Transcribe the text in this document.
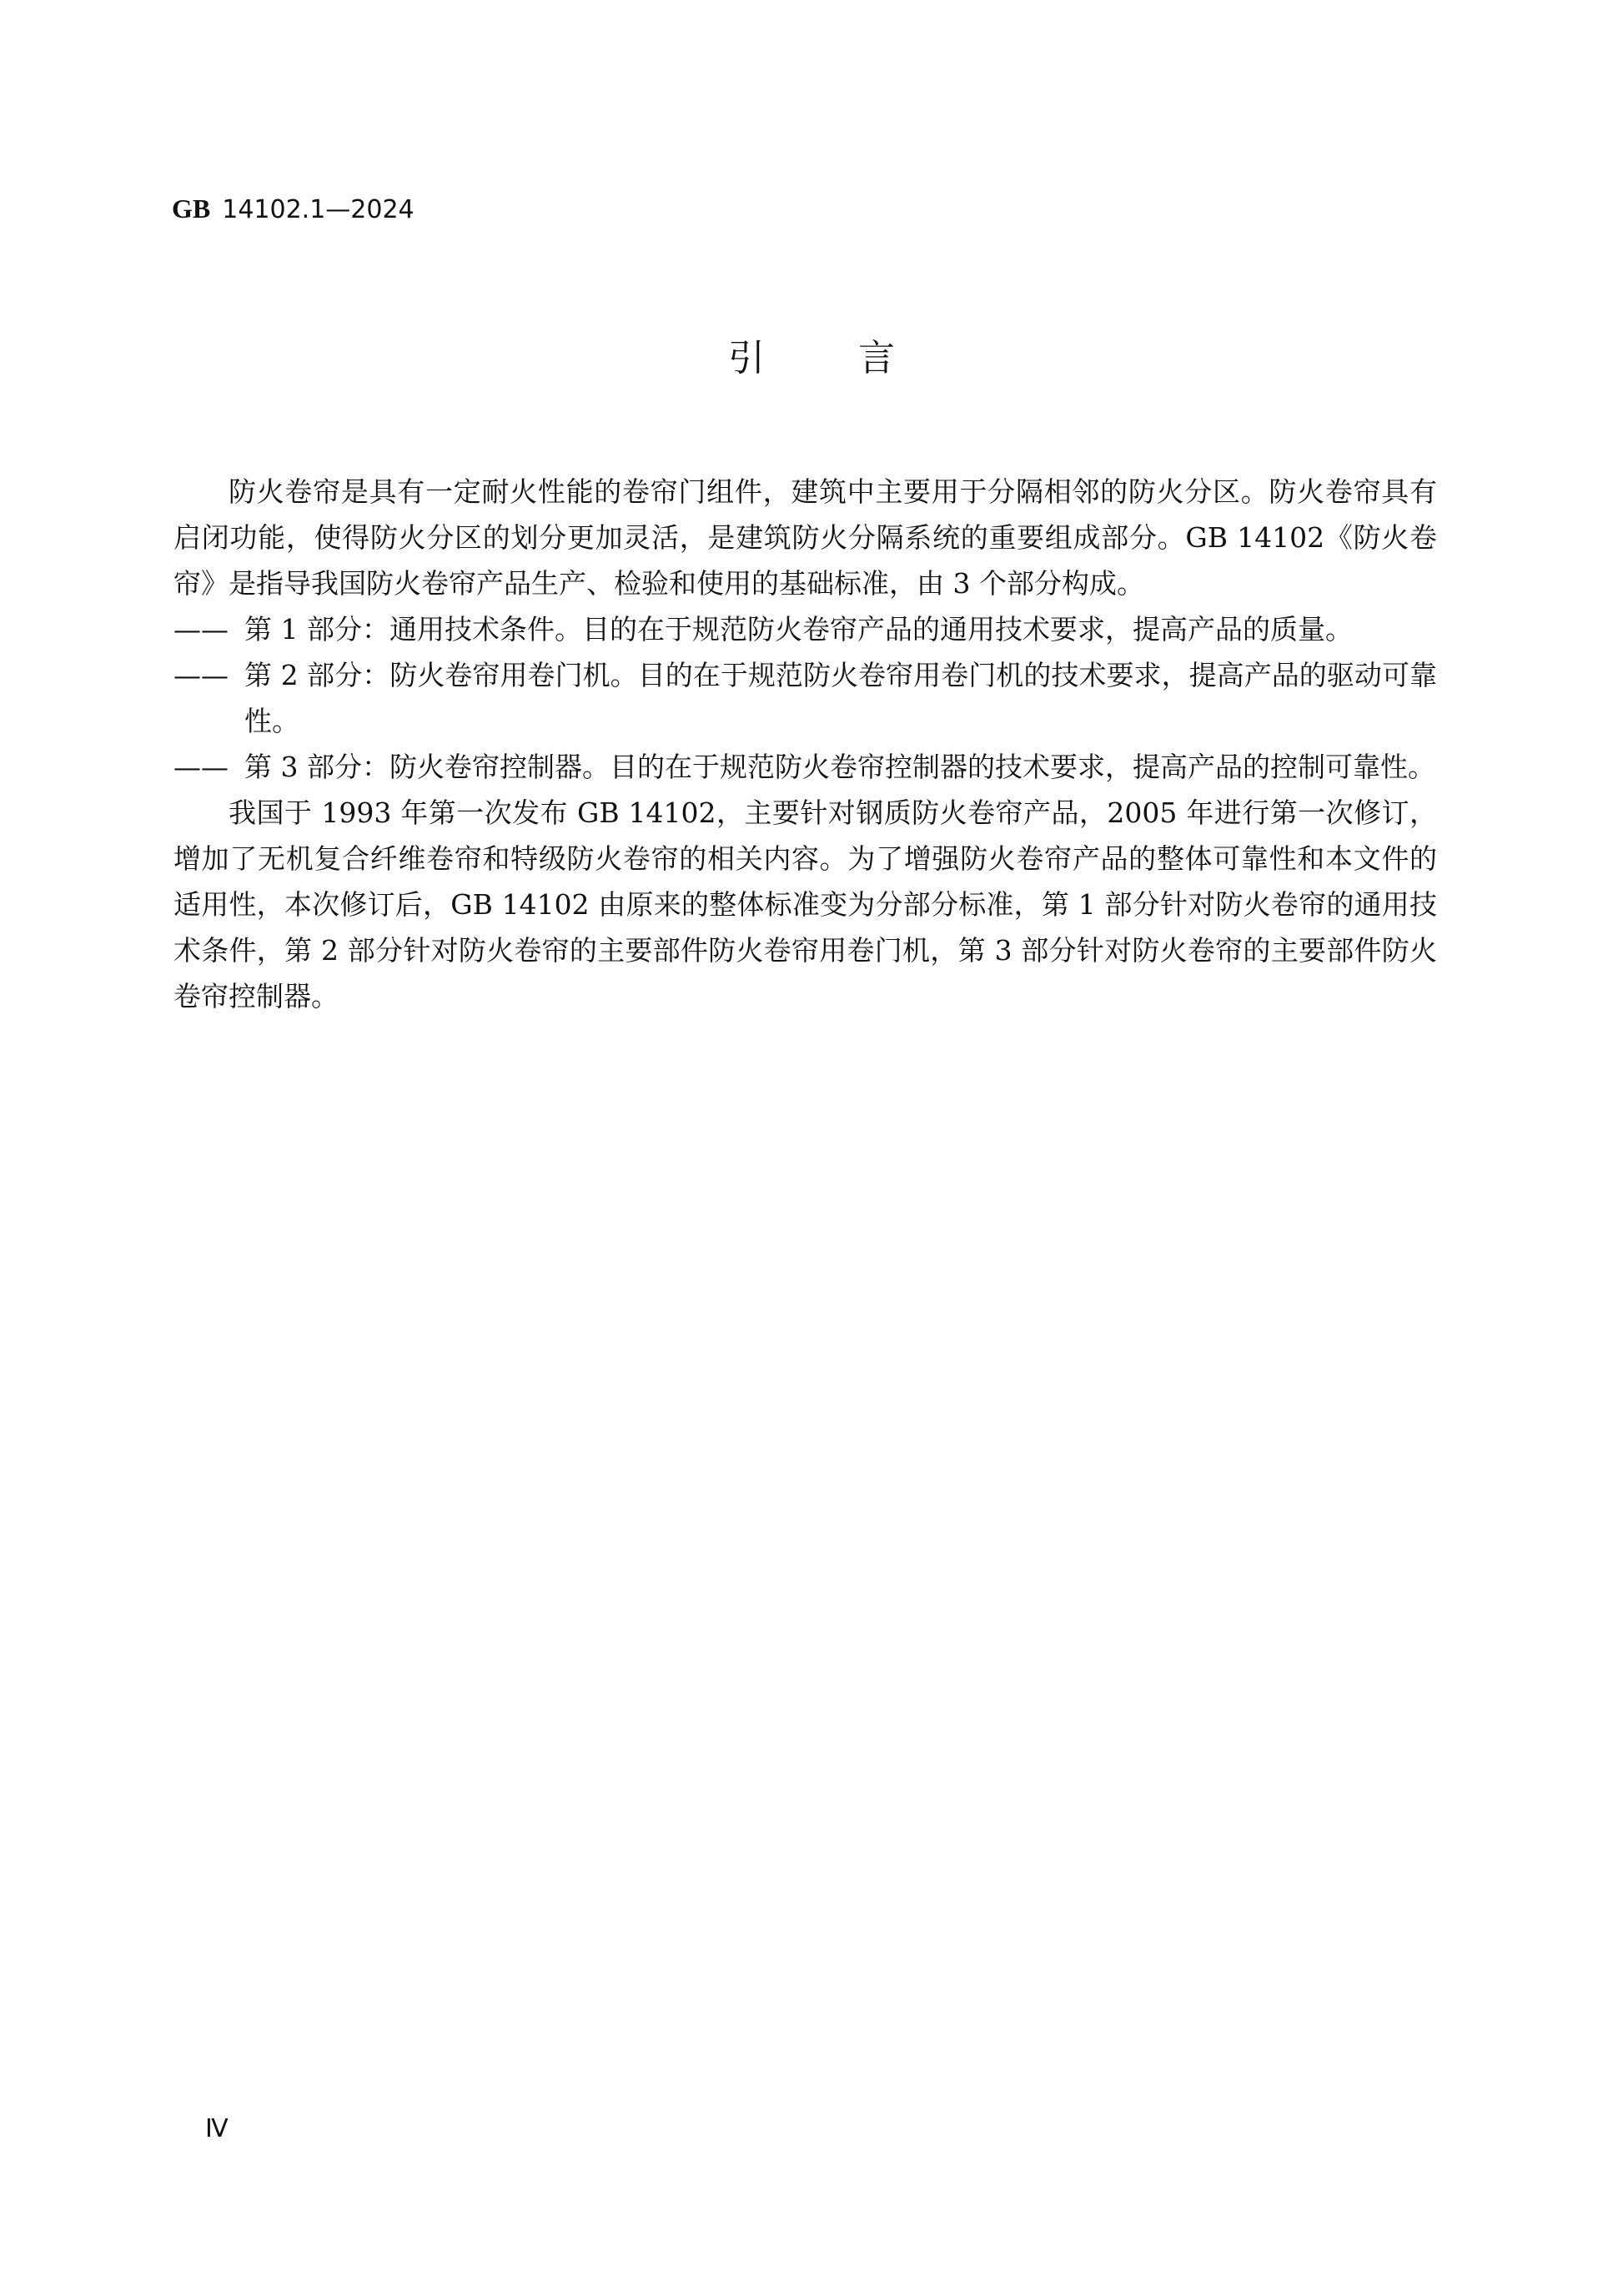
GB 14102.1—2024
引言

防火卷帘是具有一定耐火性能的卷帘门组件，建筑中主要用于分隔相邻的防火分区。防火卷帘具有启闭功能，使得防火分区的划分更加灵活，是建筑防火分隔系统的重要组成部分。GB 14102《防火卷帘》是指导我国防火卷帘产品生产、检验和使用的基础标准，由 3 个部分构成。

—— 第 1 部分：通用技术条件。目的在于规范防火卷帘产品的通用技术要求，提高产品的质量。

—— 第 2 部分：防火卷帘用卷门机。目的在于规范防火卷帘用卷门机的技术要求，提高产品的驱动可靠性。

—— 第 3 部分：防火卷帘控制器。目的在于规范防火卷帘控制器的技术要求，提高产品的控制可靠性。

我国于 1993 年第一次发布 GB 14102，主要针对钢质防火卷帘产品，2005 年进行第一次修订，增加了无机复合纤维卷帘和特级防火卷帘的相关内容。为了增强防火卷帘产品的整体可靠性和本文件的适用性，本次修订后，GB 14102 由原来的整体标准变为分部分标准，第 1 部分针对防火卷帘的通用技术条件，第 2 部分针对防火卷帘的主要部件防火卷帘用卷门机，第 3 部分针对防火卷帘的主要部件防火卷帘控制器。

Ⅳ
